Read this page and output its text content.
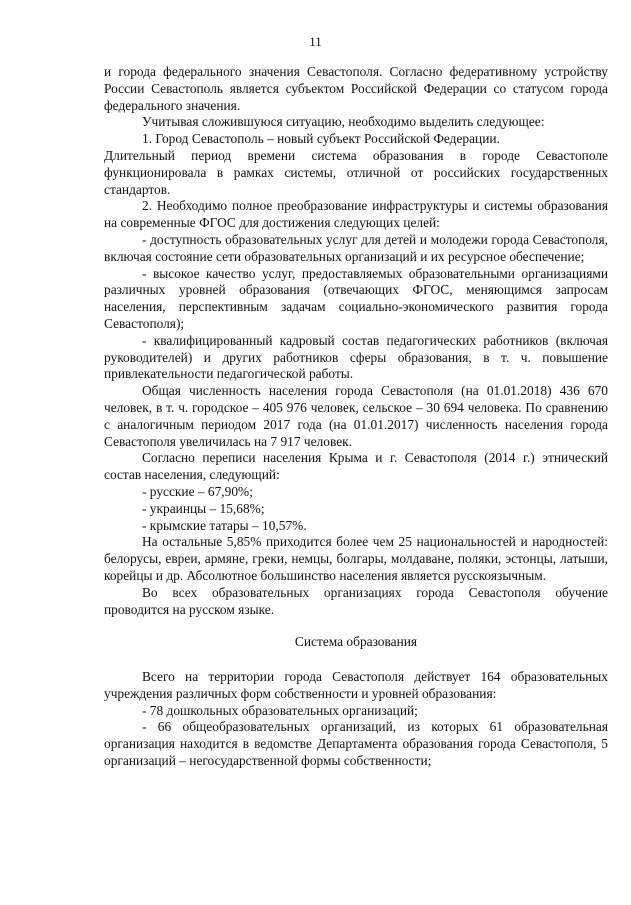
11

и города федерального значения Севастополя. Согласно федеративному устройству России Севастополь является субъектом Российской Федерации со статусом города федерального значения.

Учитывая сложившуюся ситуацию, необходимо выделить следующее:

1. Город Севастополь – новый субъект Российской Федерации.

Длительный период времени система образования в городе Севастополе функционировала в рамках системы, отличной от российских государственных стандартов.

2. Необходимо полное преобразование инфраструктуры и системы образования на современные ФГОС для достижения следующих целей:

- доступность образовательных услуг для детей и молодежи города Севастополя, включая состояние сети образовательных организаций и их ресурсное обеспечение;

- высокое качество услуг, предоставляемых образовательными организациями различных уровней образования (отвечающих ФГОС, меняющимся запросам населения, перспективным задачам социально-экономического развития города Севастополя);

- квалифицированный кадровый состав педагогических работников (включая руководителей) и других работников сферы образования, в т. ч. повышение привлекательности педагогической работы.

Общая численность населения города Севастополя (на 01.01.2018) 436 670 человек, в т. ч. городское – 405 976 человек, сельское – 30 694 человека. По сравнению с аналогичным периодом 2017 года (на 01.01.2017) численность населения города Севастополя увеличилась на 7 917 человек.

Согласно переписи населения Крыма и г. Севастополя (2014 г.) этнический состав населения, следующий:

- русские – 67,90%;

- украинцы – 15,68%;

- крымские татары – 10,57%.

На остальные 5,85% приходится более чем 25 национальностей и народностей: белорусы, евреи, армяне, греки, немцы, болгары, молдаване, поляки, эстонцы, латыши, корейцы и др. Абсолютное большинство населения является русскоязычным.

Во всех образовательных организациях города Севастополя обучение проводится на русском языке.

Система образования

Всего на территории города Севастополя действует 164 образовательных учреждения различных форм собственности и уровней образования:

- 78 дошкольных образовательных организаций;

- 66 общеобразовательных организаций, из которых 61 образовательная организация находится в ведомстве Департамента образования города Севастополя, 5 организаций – негосударственной формы собственности;
